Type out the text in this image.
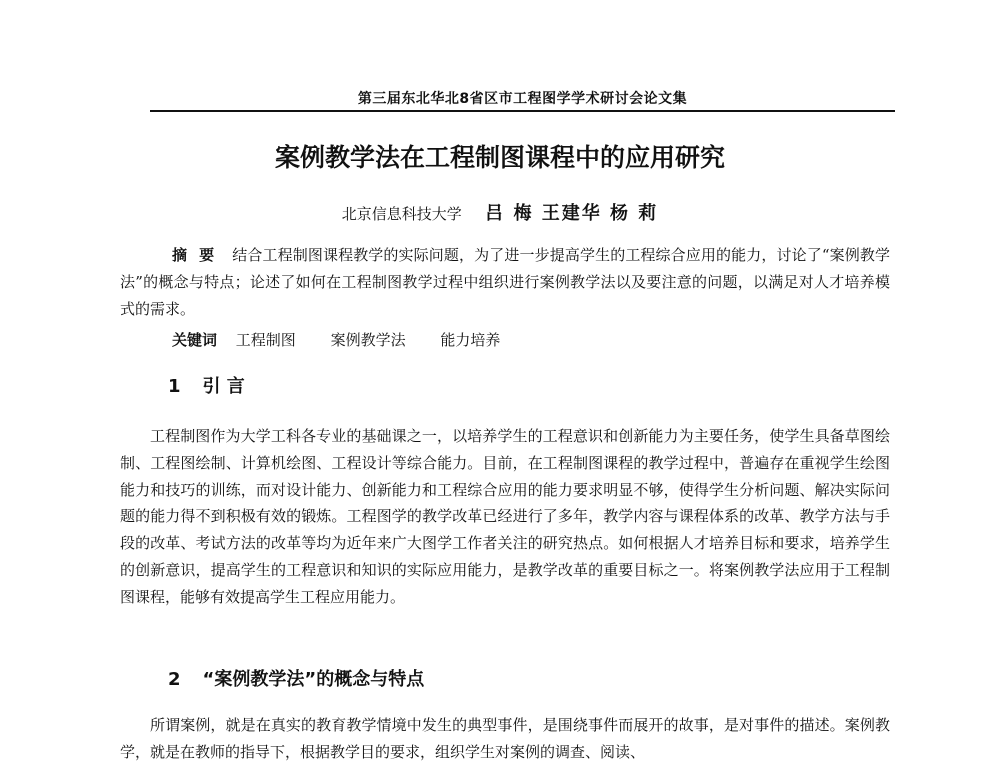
第三届东北华北8省区市工程图学学术研讨会论文集
案例教学法在工程制图课程中的应用研究
北京信息科技大学 吕 梅 王建华 杨 莉
摘要 结合工程制图课程教学的实际问题，为了进一步提高学生的工程综合应用的能力，讨论了“案例教学法”的概念与特点；论述了如何在工程制图教学过程中组织进行案例教学法以及要注意的问题，以满足对人才培养模式的需求。
关键词 工程制图 案例教学法 能力培养
1 引 言
工程制图作为大学工科各专业的基础课之一，以培养学生的工程意识和创新能力为主要任务，使学生具备草图绘制、工程图绘制、计算机绘图、工程设计等综合能力。目前，在工程制图课程的教学过程中，普遍存在重视学生绘图能力和技巧的训练，而对设计能力、创新能力和工程综合应用的能力要求明显不够，使得学生分析问题、解决实际问题的能力得不到积极有效的锻炼。工程图学的教学改革已经进行了多年，教学内容与课程体系的改革、教学方法与手段的改革、考试方法的改革等均为近年来广大图学工作者关注的研究热点。如何根据人才培养目标和要求，培养学生的创新意识，提高学生的工程意识和知识的实际应用能力，是教学改革的重要目标之一。将案例教学法应用于工程制图课程，能够有效提高学生工程应用能力。
2 “案例教学法”的概念与特点
所谓案例，就是在真实的教育教学情境中发生的典型事件，是围绕事件而展开的故事，是对事件的描述。案例教学，就是在教师的指导下，根据教学目的要求，组织学生对案例的调查、阅读、
